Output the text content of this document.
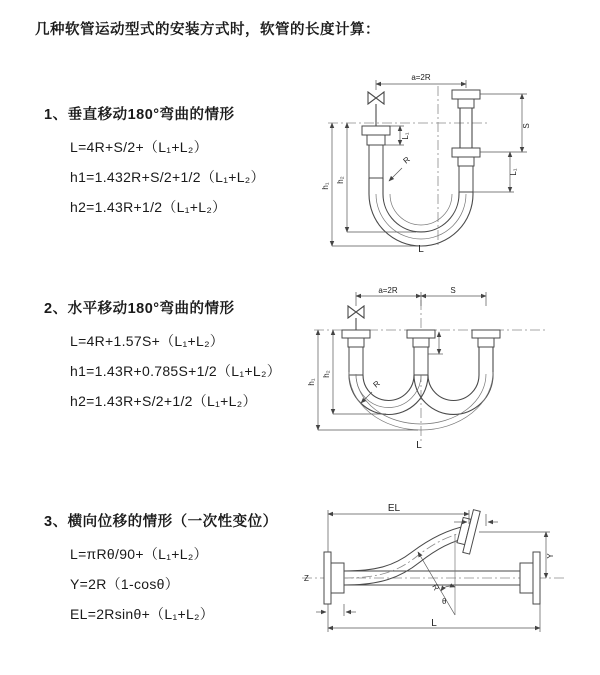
几种软管运动型式的安装方式时，软管的长度计算：
1、垂直移动180°弯曲的情形
L=4R+S/2+（L₁+L₂）
h1=1.432R+S/2+1/2（L₁+L₂）
h2=1.43R+1/2（L₁+L₂）
2、水平移动180°弯曲的情形
L=4R+1.57S+（L₁+L₂）
h1=1.43R+0.785S+1/2（L₁+L₂）
h2=1.43R+S/2+1/2（L₁+L₂）
3、横向位移的情形（一次性变位）
L=πRθ/90+（L₁+L₂）
Y=2R（1-cosθ）
EL=2Rsinθ+（L₁+L₂）
a=2R
S
L₁
L₁
h₁
h₂
R
L
a=2R	S
h₁
h₂
R
L
Z
EL
Y
θ
R
L
